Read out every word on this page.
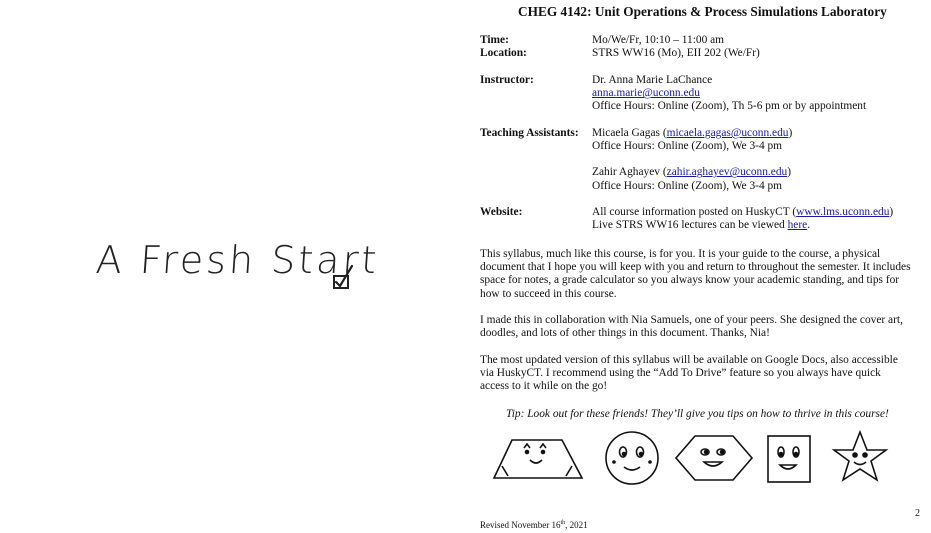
A Fresh Start
CHEG 4142: Unit Operations & Process Simulations Laboratory
Time:	Mo/We/Fr, 10:10 – 11:00 am
Location:	STRS WW16 (Mo), EII 202 (We/Fr)
Instructor:	Dr. Anna Marie LaChance
anna.marie@uconn.edu
Office Hours: Online (Zoom), Th 5-6 pm or by appointment
Teaching Assistants: Micaela Gagas (micaela.gagas@uconn.edu)
Office Hours: Online (Zoom), We 3-4 pm
Zahir Aghayev (zahir.aghayev@uconn.edu)
Office Hours: Online (Zoom), We 3-4 pm
Website:	All course information posted on HuskyCT (www.lms.uconn.edu)
Live STRS WW16 lectures can be viewed here.
This syllabus, much like this course, is for you. It is your guide to the course, a physical document that I hope you will keep with you and return to throughout the semester. It includes space for notes, a grade calculator so you always know your academic standing, and tips for how to succeed in this course.
I made this in collaboration with Nia Samuels, one of your peers. She designed the cover art, doodles, and lots of other things in this document. Thanks, Nia!
The most updated version of this syllabus will be available on Google Docs, also accessible via HuskyCT. I recommend using the “Add To Drive” feature so you always have quick access to it while on the go!
Tip: Look out for these friends! They’ll give you tips on how to thrive in this course!
Revised November 16th, 2021
2
